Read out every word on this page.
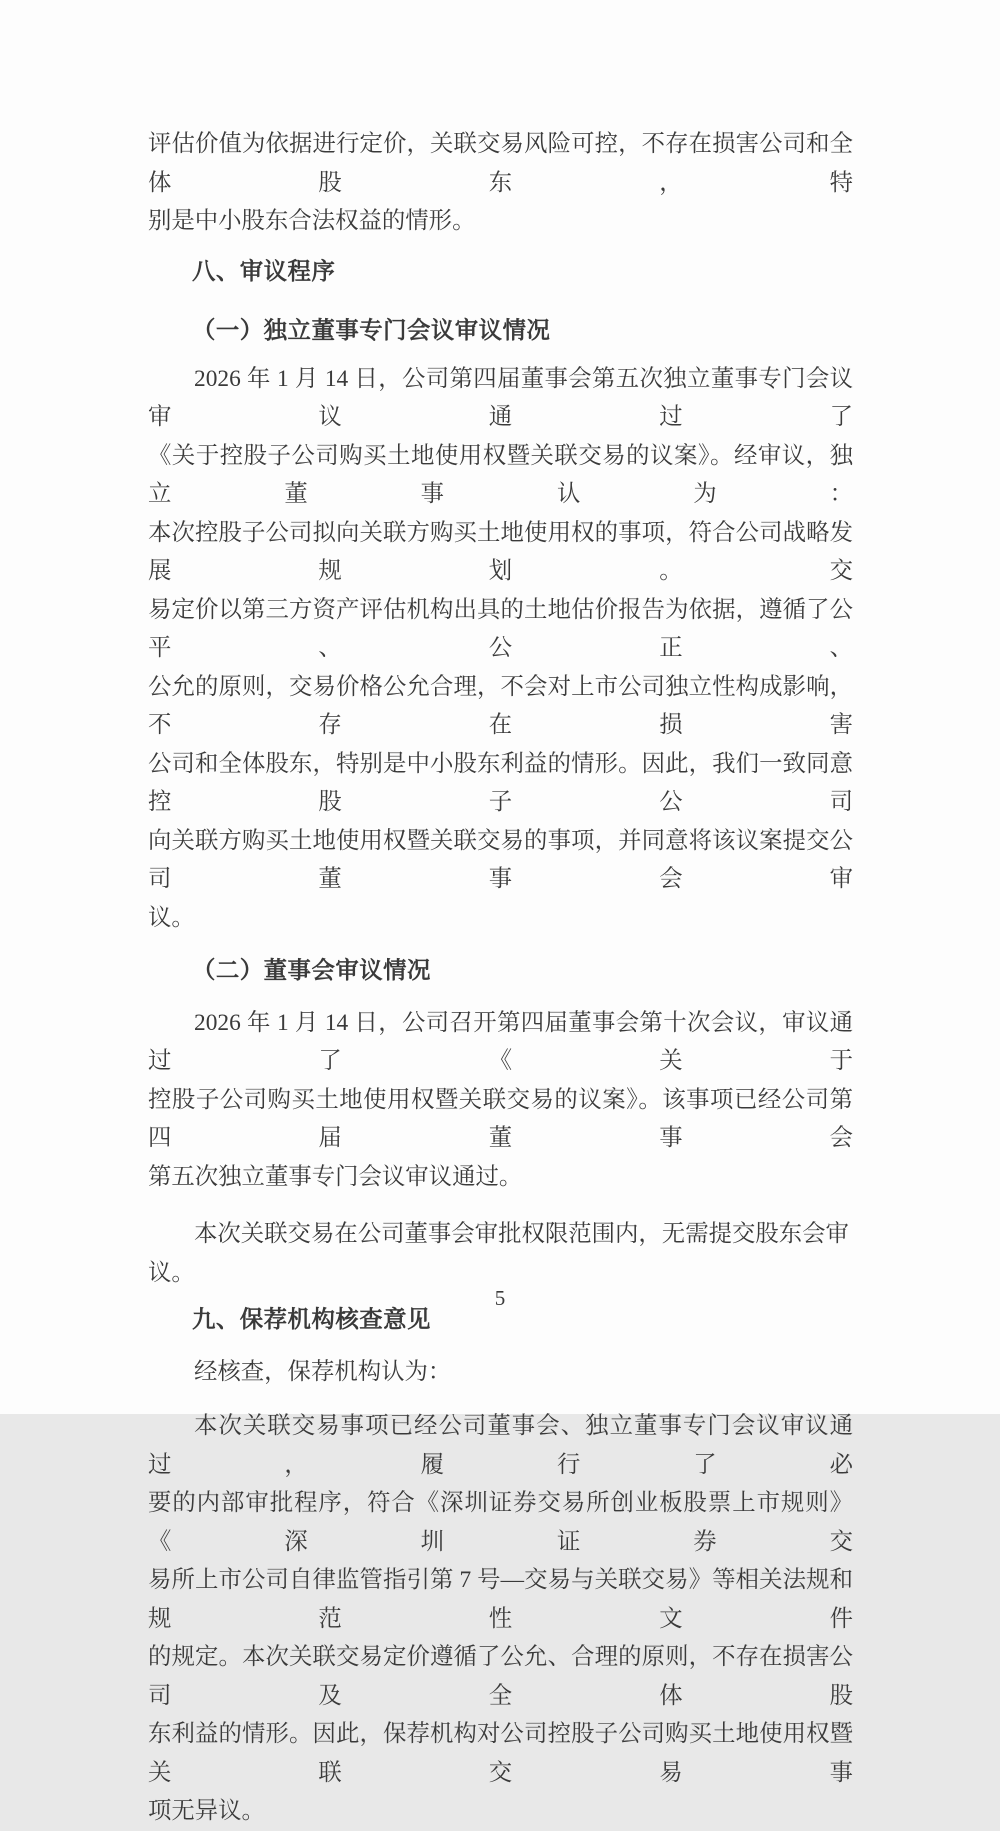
评估价值为依据进行定价，关联交易风险可控，不存在损害公司和全体股东，特
别是中小股东合法权益的情形。
八、审议程序
（一）独立董事专门会议审议情况
2026 年 1 月 14 日，公司第四届董事会第五次独立董事专门会议审议通过了
《关于控股子公司购买土地使用权暨关联交易的议案》。经审议，独立董事认为：
本次控股子公司拟向关联方购买土地使用权的事项，符合公司战略发展规划。交
易定价以第三方资产评估机构出具的土地估价报告为依据，遵循了公平、公正、
公允的原则，交易价格公允合理，不会对上市公司独立性构成影响，不存在损害
公司和全体股东，特别是中小股东利益的情形。因此，我们一致同意控股子公司
向关联方购买土地使用权暨关联交易的事项，并同意将该议案提交公司董事会审
议。
（二）董事会审议情况
2026 年 1 月 14 日，公司召开第四届董事会第十次会议，审议通过了《关于
控股子公司购买土地使用权暨关联交易的议案》。该事项已经公司第四届董事会
第五次独立董事专门会议审议通过。
本次关联交易在公司董事会审批权限范围内，无需提交股东会审议。
九、保荐机构核查意见
经核查，保荐机构认为：
本次关联交易事项已经公司董事会、独立董事专门会议审议通过，履行了必
要的内部审批程序，符合《深圳证券交易所创业板股票上市规则》《深圳证券交
易所上市公司自律监管指引第 7 号—交易与关联交易》等相关法规和规范性文件
的规定。本次关联交易定价遵循了公允、合理的原则，不存在损害公司及全体股
东利益的情形。因此，保荐机构对公司控股子公司购买土地使用权暨关联交易事
项无异议。
5
